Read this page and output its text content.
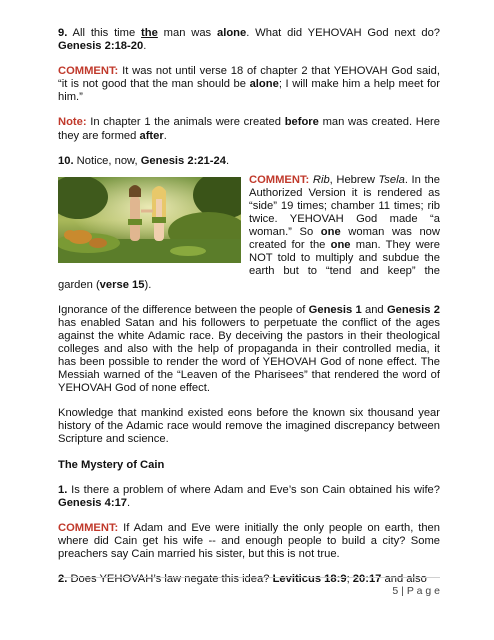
9. All this time the man was alone. What did YEHOVAH God next do? Genesis 2:18-20.

COMMENT: It was not until verse 18 of chapter 2 that YEHOVAH God said, “it is not good that the man should be alone; I will make him a help meet for him.”

Note: In chapter 1 the animals were created before man was created. Here they are formed after.

10. Notice, now, Genesis 2:21-24.

COMMENT: Rib, Hebrew Tsela. In the Authorized Version it is rendered as “side” 19 times; chamber 11 times; rib twice. YEHOVAH God made “a woman.” So one woman was now created for the one man. They were NOT told to multiply and subdue the earth but to “tend and keep” the garden (verse 15).

Ignorance of the difference between the people of Genesis 1 and Genesis 2 has enabled Satan and his followers to perpetuate the conflict of the ages against the white Adamic race. By deceiving the pastors in their theological colleges and also with the help of propaganda in their controlled media, it has been possible to render the word of YEHOVAH God of none effect. The Messiah warned of the “Leaven of the Pharisees” that rendered the word of YEHOVAH God of none effect.

Knowledge that mankind existed eons before the known six thousand year history of the Adamic race would remove the imagined discrepancy between Scripture and science.

The Mystery of Cain

1. Is there a problem of where Adam and Eve’s son Cain obtained his wife? Genesis 4:17.

COMMENT: If Adam and Eve were initially the only people on earth, then where did Cain get his wife -- and enough people to build a city? Some preachers say Cain married his sister, but this is not true.

2. Does YEHOVAH’s law negate this idea? Leviticus 18:9; 20:17 and also

5 | P a g e
